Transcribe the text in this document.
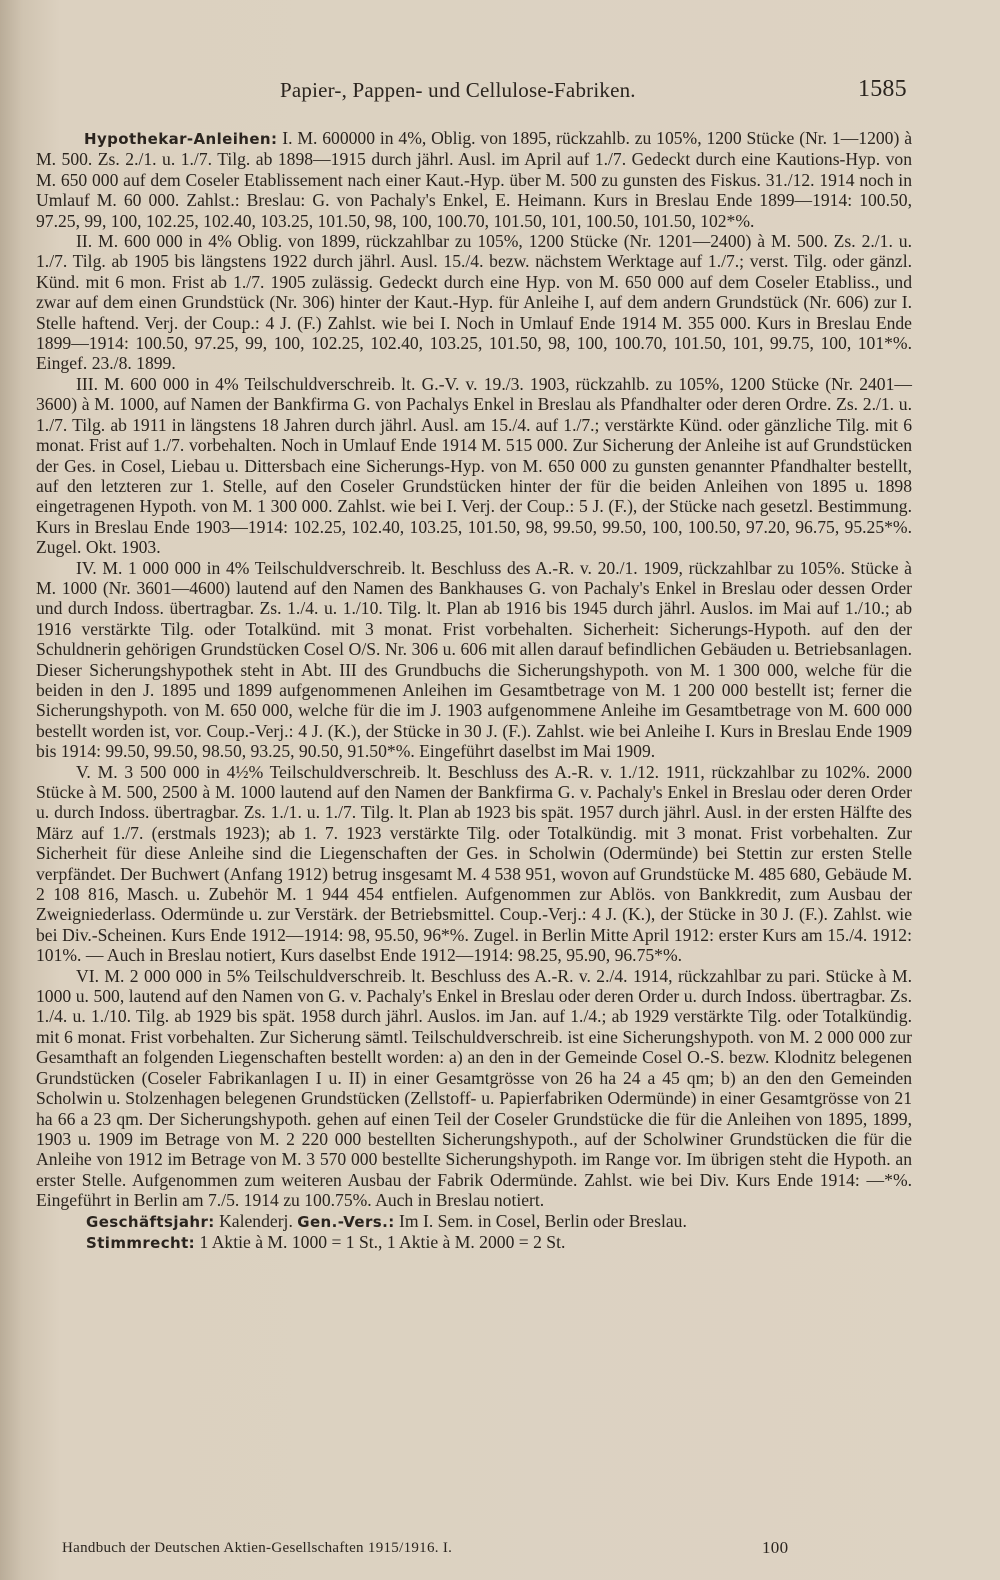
Papier-, Pappen- und Cellulose-Fabriken.	1585

Hypothekar-Anleihen: I. M. 600000 in 4%, Oblig. von 1895, rückzahlb. zu 105%, 1200 Stücke (Nr. 1—1200) à M. 500. Zs. 2./1. u. 1./7. Tilg. ab 1898—1915 durch jährl. Ausl. im April auf 1./7. Gedeckt durch eine Kautions-Hyp. von M. 650 000 auf dem Coseler Etablissement nach einer Kaut.-Hyp. über M. 500 zu gunsten des Fiskus. 31./12. 1914 noch in Umlauf M. 60 000. Zahlst.: Breslau: G. von Pachaly's Enkel, E. Heimann. Kurs in Breslau Ende 1899—1914: 100.50, 97.25, 99, 100, 102.25, 102.40, 103.25, 101.50, 98, 100, 100.70, 101.50, 101, 100.50, 101.50, 102*%.

II. M. 600 000 in 4% Oblig. von 1899, rückzahlbar zu 105%, 1200 Stücke (Nr. 1201—2400) à M. 500. Zs. 2./1. u. 1./7. Tilg. ab 1905 bis längstens 1922 durch jährl. Ausl. 15./4. bezw. nächstem Werktage auf 1./7.; verst. Tilg. oder gänzl. Künd. mit 6 mon. Frist ab 1./7. 1905 zulässig. Gedeckt durch eine Hyp. von M. 650 000 auf dem Coseler Etabliss., und zwar auf dem einen Grundstück (Nr. 306) hinter der Kaut.-Hyp. für Anleihe I, auf dem andern Grundstück (Nr. 606) zur I. Stelle haftend. Verj. der Coup.: 4 J. (F.) Zahlst. wie bei I. Noch in Umlauf Ende 1914 M. 355 000. Kurs in Breslau Ende 1899—1914: 100.50, 97.25, 99, 100, 102.25, 102.40, 103.25, 101.50, 98, 100, 100.70, 101.50, 101, 99.75, 100, 101*%. Eingef. 23./8. 1899.

III. M. 600 000 in 4% Teilschuldverschreib. lt. G.-V. v. 19./3. 1903, rückzahlb. zu 105%, 1200 Stücke (Nr. 2401—3600) à M. 1000, auf Namen der Bankfirma G. von Pachalys Enkel in Breslau als Pfandhalter oder deren Ordre. Zs. 2./1. u. 1./7. Tilg. ab 1911 in längstens 18 Jahren durch jährl. Ausl. am 15./4. auf 1./7.; verstärkte Künd. oder gänzliche Tilg. mit 6 monat. Frist auf 1./7. vorbehalten. Noch in Umlauf Ende 1914 M. 515 000. Zur Sicherung der Anleihe ist auf Grundstücken der Ges. in Cosel, Liebau u. Dittersbach eine Sicherungs-Hyp. von M. 650 000 zu gunsten genannter Pfandhalter bestellt, auf den letzteren zur 1. Stelle, auf den Coseler Grundstücken hinter der für die beiden Anleihen von 1895 u. 1898 eingetragenen Hypoth. von M. 1 300 000. Zahlst. wie bei I. Verj. der Coup.: 5 J. (F.), der Stücke nach gesetzl. Bestimmung. Kurs in Breslau Ende 1903—1914: 102.25, 102.40, 103.25, 101.50, 98, 99.50, 99.50, 100, 100.50, 97.20, 96.75, 95.25*%. Zugel. Okt. 1903.

IV. M. 1 000 000 in 4% Teilschuldverschreib. lt. Beschluss des A.-R. v. 20./1. 1909, rückzahlbar zu 105%. Stücke à M. 1000 (Nr. 3601—4600) lautend auf den Namen des Bankhauses G. von Pachaly's Enkel in Breslau oder dessen Order und durch Indoss. übertragbar. Zs. 1./4. u. 1./10. Tilg. lt. Plan ab 1916 bis 1945 durch jährl. Auslos. im Mai auf 1./10.; ab 1916 verstärkte Tilg. oder Totalkünd. mit 3 monat. Frist vorbehalten. Sicherheit: Sicherungs-Hypoth. auf den der Schuldnerin gehörigen Grundstücken Cosel O/S. Nr. 306 u. 606 mit allen darauf befindlichen Gebäuden u. Betriebsanlagen. Dieser Sicherungshypothek steht in Abt. III des Grundbuchs die Sicherungshypoth. von M. 1 300 000, welche für die beiden in den J. 1895 und 1899 aufgenommenen Anleihen im Gesamtbetrage von M. 1 200 000 bestellt ist; ferner die Sicherungshypoth. von M. 650 000, welche für die im J. 1903 aufgenommene Anleihe im Gesamtbetrage von M. 600 000 bestellt worden ist, vor. Coup.-Verj.: 4 J. (K.), der Stücke in 30 J. (F.). Zahlst. wie bei Anleihe I. Kurs in Breslau Ende 1909 bis 1914: 99.50, 99.50, 98.50, 93.25, 90.50, 91.50*%. Eingeführt daselbst im Mai 1909.

V. M. 3 500 000 in 4½% Teilschuldverschreib. lt. Beschluss des A.-R. v. 1./12. 1911, rückzahlbar zu 102%. 2000 Stücke à M. 500, 2500 à M. 1000 lautend auf den Namen der Bankfirma G. v. Pachaly's Enkel in Breslau oder deren Order u. durch Indoss. übertragbar. Zs. 1./1. u. 1./7. Tilg. lt. Plan ab 1923 bis spät. 1957 durch jährl. Ausl. in der ersten Hälfte des März auf 1./7. (erstmals 1923); ab 1. 7. 1923 verstärkte Tilg. oder Totalkündig. mit 3 monat. Frist vorbehalten. Zur Sicherheit für diese Anleihe sind die Liegenschaften der Ges. in Scholwin (Odermünde) bei Stettin zur ersten Stelle verpfändet. Der Buchwert (Anfang 1912) betrug insgesamt M. 4 538 951, wovon auf Grundstücke M. 485 680, Gebäude M. 2 108 816, Masch. u. Zubehör M. 1 944 454 entfielen. Aufgenommen zur Ablös. von Bankkredit, zum Ausbau der Zweigniederlass. Odermünde u. zur Verstärk. der Betriebsmittel. Coup.-Verj.: 4 J. (K.), der Stücke in 30 J. (F.). Zahlst. wie bei Div.-Scheinen. Kurs Ende 1912—1914: 98, 95.50, 96*%. Zugel. in Berlin Mitte April 1912: erster Kurs am 15./4. 1912: 101%. — Auch in Breslau notiert, Kurs daselbst Ende 1912—1914: 98.25, 95.90, 96.75*%.

VI. M. 2 000 000 in 5% Teilschuldverschreib. lt. Beschluss des A.-R. v. 2./4. 1914, rückzahlbar zu pari. Stücke à M. 1000 u. 500, lautend auf den Namen von G. v. Pachaly's Enkel in Breslau oder deren Order u. durch Indoss. übertragbar. Zs. 1./4. u. 1./10. Tilg. ab 1929 bis spät. 1958 durch jährl. Auslos. im Jan. auf 1./4.; ab 1929 verstärkte Tilg. oder Totalkündig. mit 6 monat. Frist vorbehalten. Zur Sicherung sämtl. Teilschuldverschreib. ist eine Sicherungshypoth. von M. 2 000 000 zur Gesamthaft an folgenden Liegenschaften bestellt worden: a) an den in der Gemeinde Cosel O.-S. bezw. Klodnitz belegenen Grundstücken (Coseler Fabrikanlagen I u. II) in einer Gesamtgrösse von 26 ha 24 a 45 qm; b) an den den Gemeinden Scholwin u. Stolzenhagen belegenen Grundstücken (Zellstoff- u. Papierfabriken Odermünde) in einer Gesamtgrösse von 21 ha 66 a 23 qm. Der Sicherungshypoth. gehen auf einen Teil der Coseler Grundstücke die für die Anleihen von 1895, 1899, 1903 u. 1909 im Betrage von M. 2 220 000 bestellten Sicherungshypoth., auf der Scholwiner Grundstücken die für die Anleihe von 1912 im Betrage von M. 3 570 000 bestellte Sicherungshypoth. im Range vor. Im übrigen steht die Hypoth. an erster Stelle. Aufgenommen zum weiteren Ausbau der Fabrik Odermünde. Zahlst. wie bei Div. Kurs Ende 1914: —*%. Eingeführt in Berlin am 7./5. 1914 zu 100.75%. Auch in Breslau notiert.

Geschäftsjahr: Kalenderj. Gen.-Vers.: Im I. Sem. in Cosel, Berlin oder Breslau.

Stimmrecht: 1 Aktie à M. 1000 = 1 St., 1 Aktie à M. 2000 = 2 St.

Handbuch der Deutschen Aktien-Gesellschaften 1915/1916. I.	100
